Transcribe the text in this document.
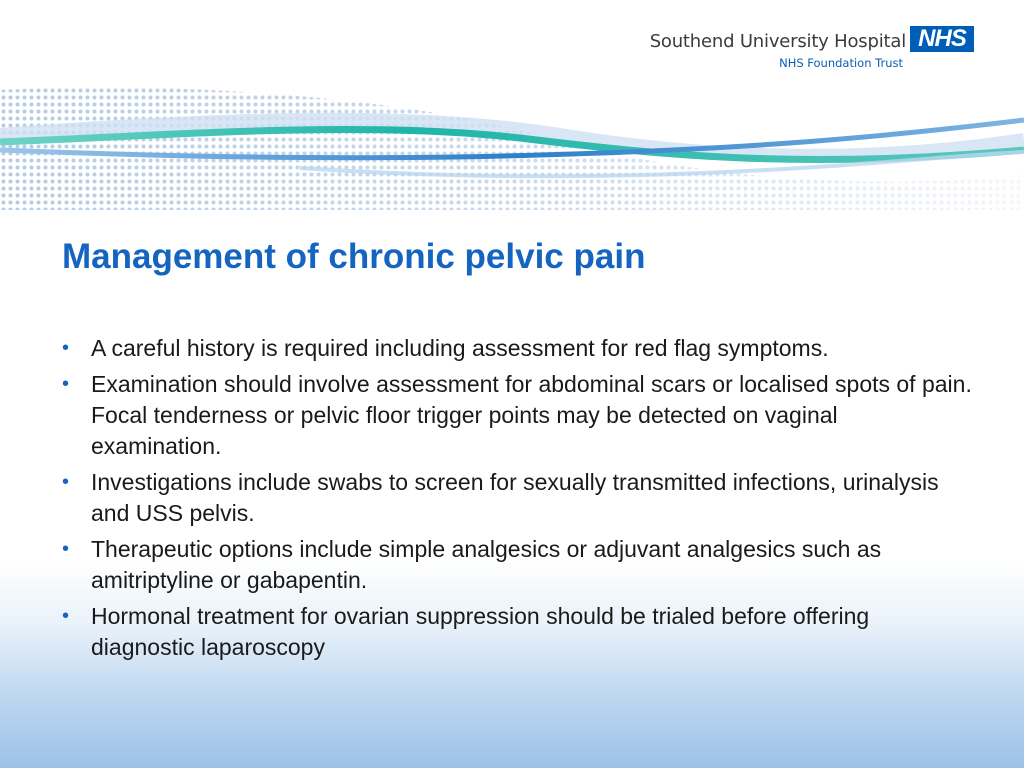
Southend University Hospital
NHS Foundation Trust
NHS
Management of chronic pelvic pain
• A careful history is required including assessment for red flag symptoms.
• Examination should involve assessment for abdominal scars or localised spots of pain. Focal tenderness or pelvic floor trigger points may be detected on vaginal examination.
• Investigations include swabs to screen for sexually transmitted infections, urinalysis and USS pelvis.
• Therapeutic options include simple analgesics or adjuvant analgesics such as amitriptyline or gabapentin.
• Hormonal treatment for ovarian suppression should be trialed before offering diagnostic laparoscopy
